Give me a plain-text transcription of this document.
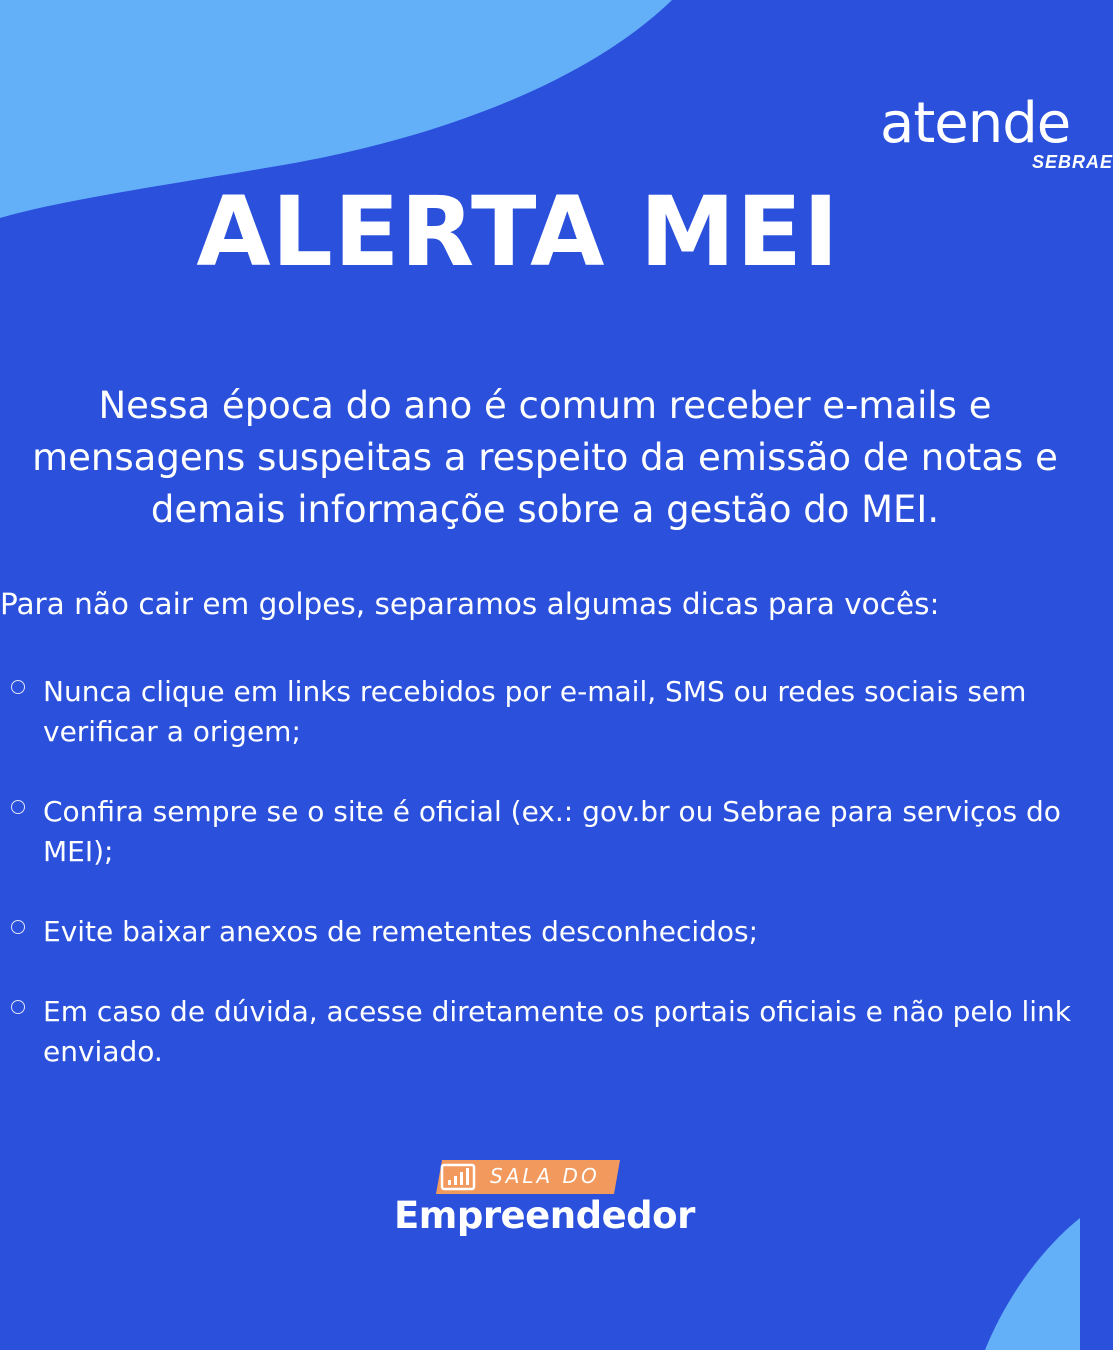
atende
SEBRAE
ALERTA MEI

Nessa época do ano é comum receber e-mails e mensagens suspeitas a respeito da emissão de notas e demais informaçõe sobre a gestão do MEI.

Para não cair em golpes, separamos algumas dicas para vocês:

Nunca clique em links recebidos por e-mail, SMS ou redes sociais sem verificar a origem;

Confira sempre se o site é oficial (ex.: gov.br ou Sebrae para serviços do MEI);

Evite baixar anexos de remetentes desconhecidos;

Em caso de dúvida, acesse diretamente os portais oficiais e não pelo link enviado.

SALA DO
Empreendedor
